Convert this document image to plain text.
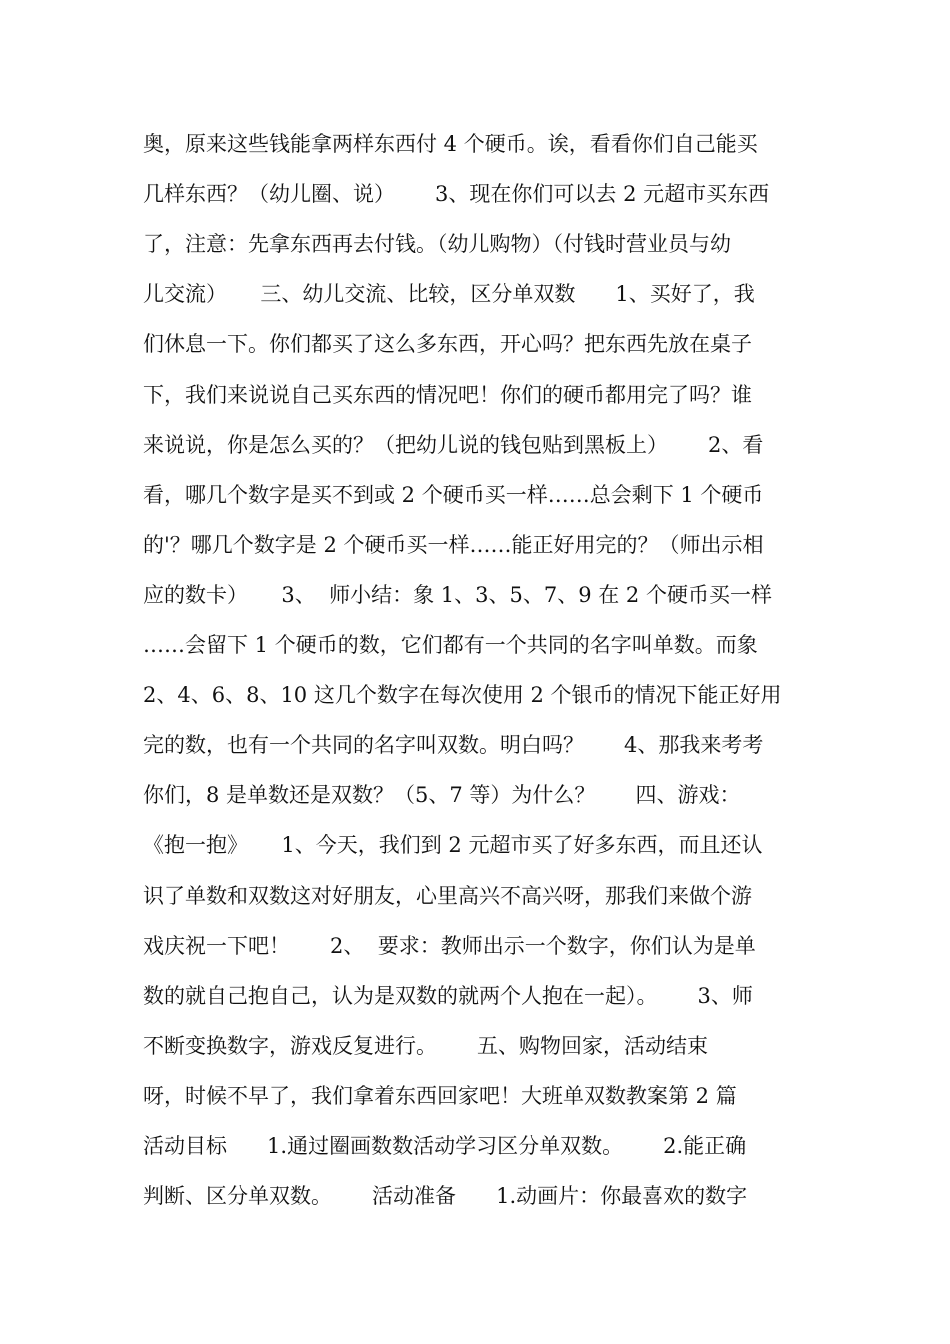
奥，原来这些钱能拿两样东西付 4 个硬币。诶，看看你们自己能买
几样东西？（幼儿圈、说）      3、现在你们可以去 2 元超市买东西
了，注意：先拿东西再去付钱。（幼儿购物）（付钱时营业员与幼
儿交流）     三、幼儿交流、比较，区分单双数      1、买好了，我
们休息一下。你们都买了这么多东西，开心吗？把东西先放在桌子
下，我们来说说自己买东西的情况吧！你们的硬币都用完了吗？谁
来说说，你是怎么买的？（把幼儿说的钱包贴到黑板上）      2、看
看，哪几个数字是买不到或 2 个硬币买一样……总会剩下 1 个硬币
的'？哪几个数字是 2 个硬币买一样……能正好用完的？（师出示相
应的数卡）     3、  师小结：象 1、3、5、7、9 在 2 个硬币买一样
……会留下 1 个硬币的数，它们都有一个共同的名字叫单数。而象
2、4、6、8、10 这几个数字在每次使用 2 个银币的情况下能正好用
完的数，也有一个共同的名字叫双数。明白吗？      4、那我来考考
你们，8 是单数还是双数？（5、7 等）为什么？      四、游戏：
《抱一抱》     1、今天，我们到 2 元超市买了好多东西，而且还认
识了单数和双数这对好朋友，心里高兴不高兴呀，那我们来做个游
戏庆祝一下吧！      2、  要求：教师出示一个数字，你们认为是单
数的就自己抱自己，认为是双数的就两个人抱在一起）。      3、师
不断变换数字，游戏反复进行。      五、购物回家，活动结束
呀，时候不早了，我们拿着东西回家吧！大班单双数教案第 2 篇
活动目标      1.通过圈画数数活动学习区分单双数。      2.能正确
判断、区分单双数。      活动准备      1.动画片：你最喜欢的数字
